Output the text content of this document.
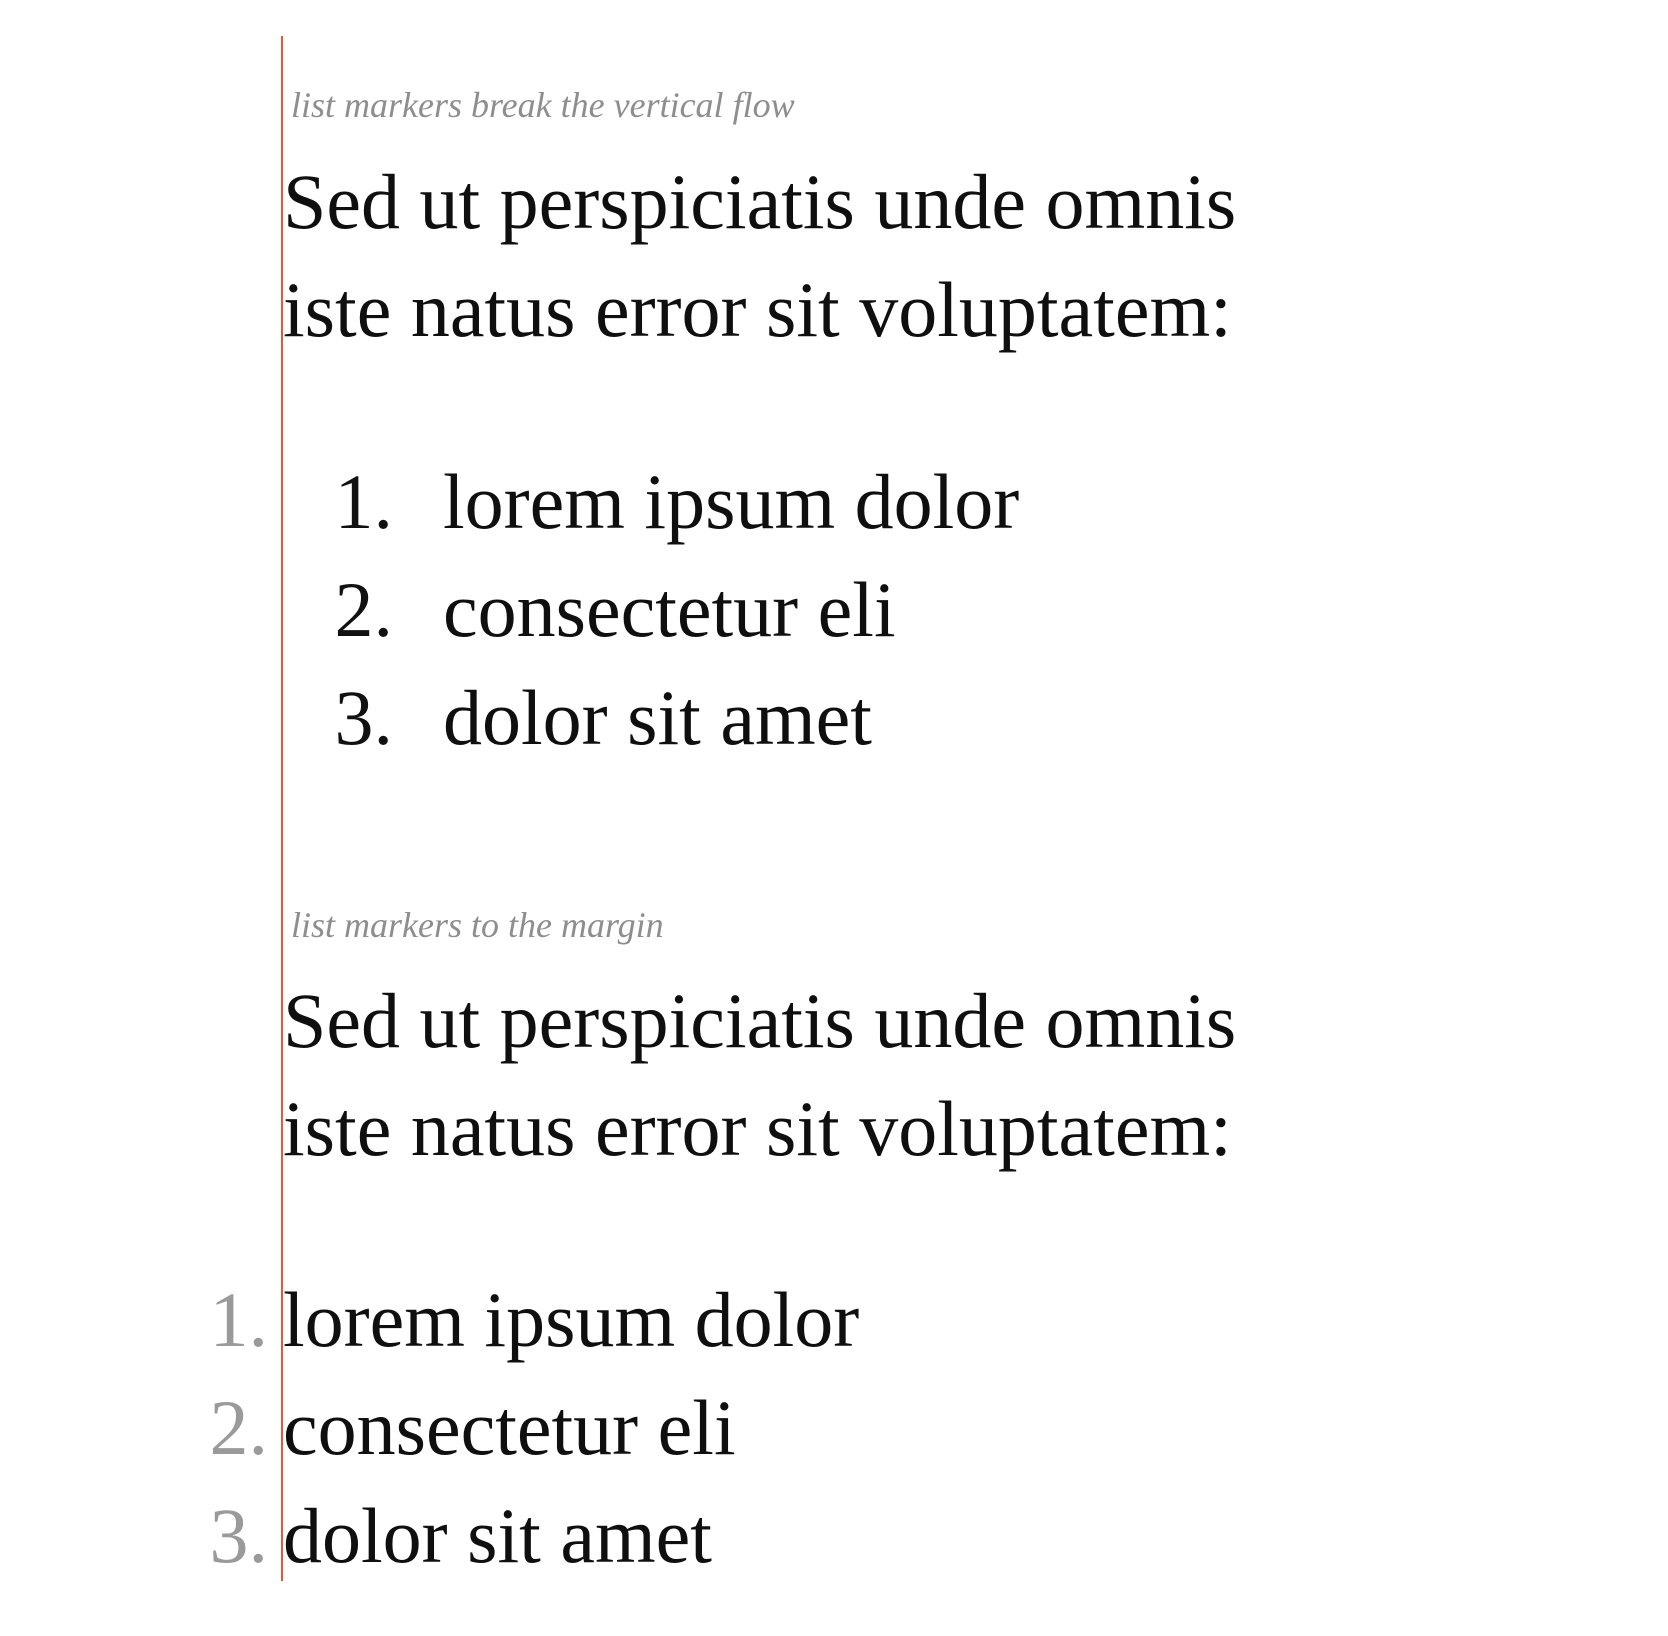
list markers break the vertical flow

Sed ut perspiciatis unde omnis
iste natus error sit voluptatem:

1. lorem ipsum dolor
2. consectetur eli
3. dolor sit amet
list markers to the margin

Sed ut perspiciatis unde omnis
iste natus error sit voluptatem:

1. lorem ipsum dolor
2. consectetur eli
3. dolor sit amet
